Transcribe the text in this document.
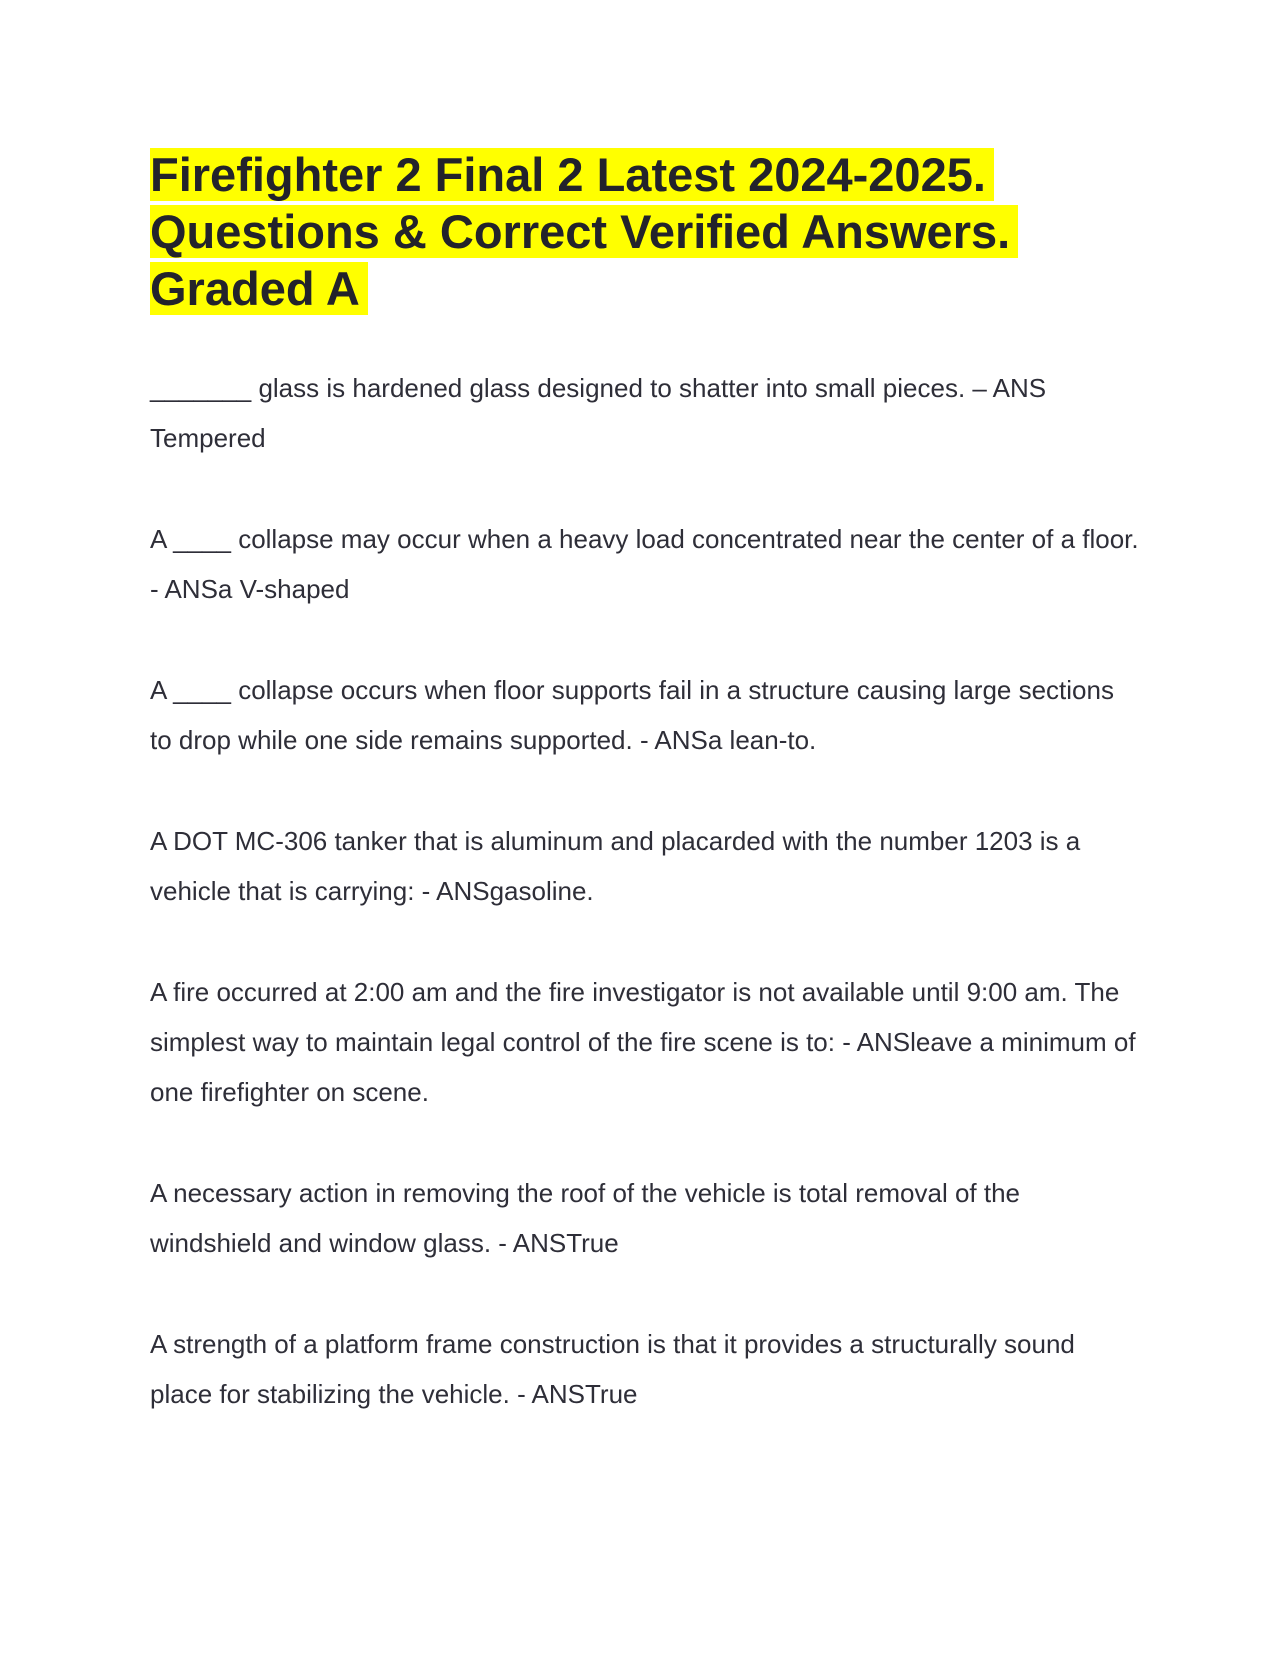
Firefighter 2 Final 2 Latest 2024-2025.
Questions & Correct Verified Answers.
Graded A

_______ glass is hardened glass designed to shatter into small pieces. – ANS Tempered

A ____ collapse may occur when a heavy load concentrated near the center of a floor. - ANSa V-shaped

A ____ collapse occurs when floor supports fail in a structure causing large sections to drop while one side remains supported. - ANSa lean-to.

A DOT MC-306 tanker that is aluminum and placarded with the number 1203 is a vehicle that is carrying: - ANSgasoline.

A fire occurred at 2:00 am and the fire investigator is not available until 9:00 am. The simplest way to maintain legal control of the fire scene is to: - ANSleave a minimum of one firefighter on scene.

A necessary action in removing the roof of the vehicle is total removal of the windshield and window glass. - ANSTrue

A strength of a platform frame construction is that it provides a structurally sound place for stabilizing the vehicle. - ANSTrue
